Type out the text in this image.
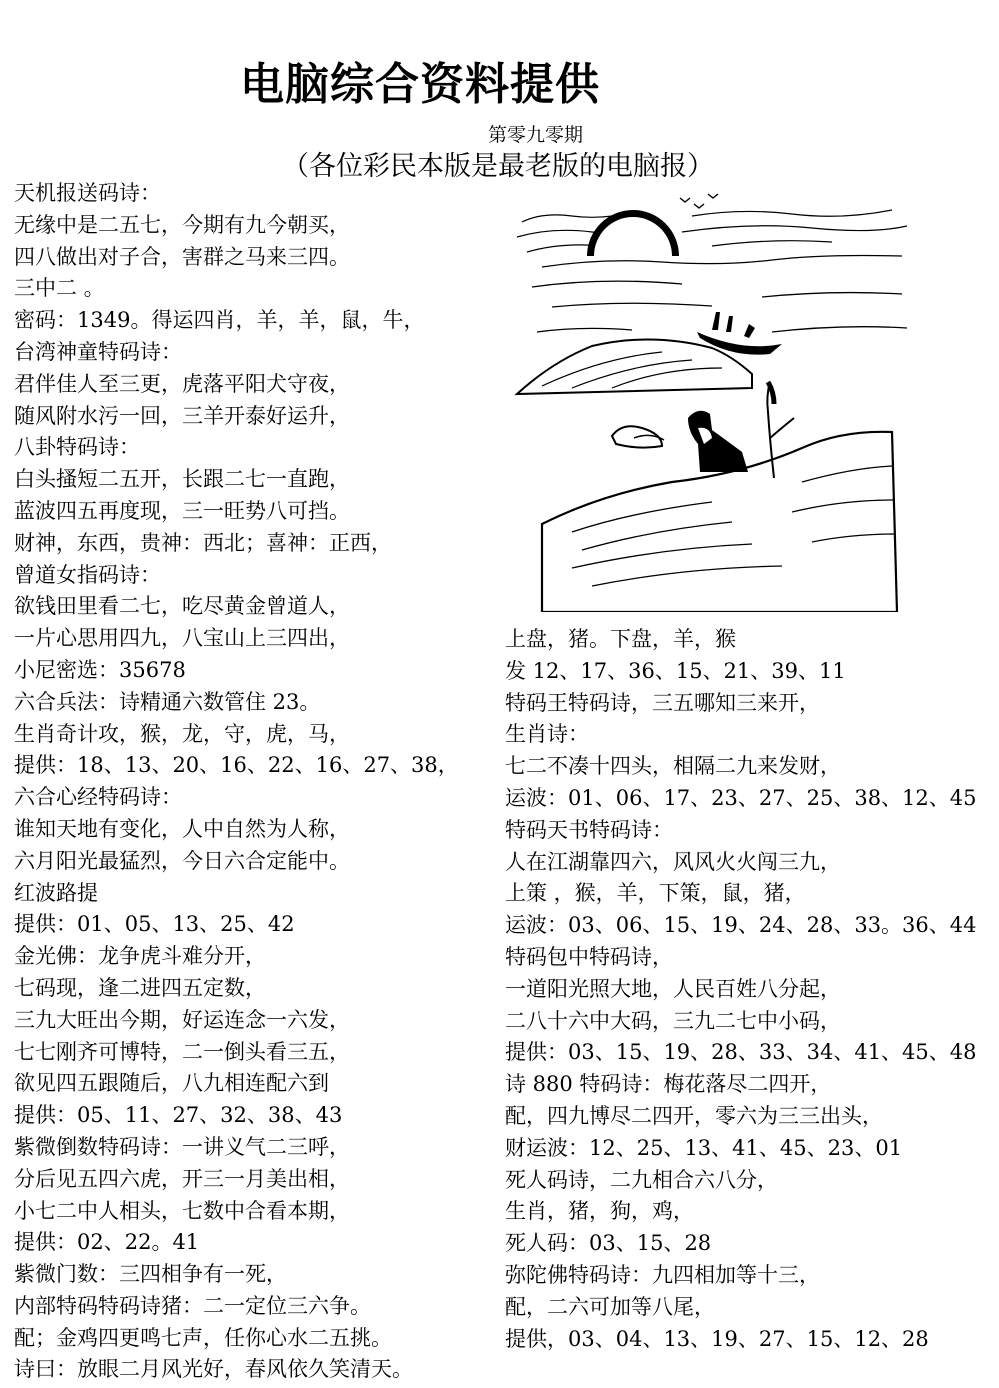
电脑综合资料提供
第零九零期
（各位彩民本版是最老版的电脑报）
天机报送码诗：
无缘中是二五七，今期有九今朝买，
四八做出对子合，害群之马来三四。
三中二 。
密码：1349。得运四肖，羊，羊，鼠，牛，
台湾神童特码诗：
君伴佳人至三更，虎落平阳犬守夜，
随风附水污一回，三羊开泰好运升，
八卦特码诗：
白头搔短二五开，长跟二七一直跑，
蓝波四五再度现，三一旺势八可挡。
财神，东西，贵神：西北；喜神：正西，
曾道女指码诗：
欲钱田里看二七，吃尽黄金曾道人，
一片心思用四九，八宝山上三四出，
小尼密选：35678
六合兵法：诗精通六数管住 23。
生肖奇计攻，猴，龙，守，虎，马，
提供：18、13、20、16、22、16、27、38，
六合心经特码诗：
谁知天地有变化，人中自然为人称，
六月阳光最猛烈，今日六合定能中。
红波路提
提供：01、05、13、25、42
金光佛：龙争虎斗难分开，
七码现，逢二进四五定数，
三九大旺出今期，好运连念一六发，
七七刚齐可博特，二一倒头看三五，
欲见四五跟随后，八九相连配六到
提供：05、11、27、32、38、43
紫微倒数特码诗：一讲义气二三呼，
分后见五四六虎，开三一月美出相，
小七二中人相头，七数中合看本期，
提供：02、22。41
紫微门数：三四相争有一死，
内部特码特码诗猪：二一定位三六争。
配；金鸡四更鸣七声，任你心水二五挑。
诗曰：放眼二月风光好，春风依久笑清天。
上盘，猪。下盘，羊，猴
发 12、17、36、15、21、39、11
特码王特码诗，三五哪知三来开，
生肖诗：
七二不凑十四头，相隔二九来发财，
运波：01、06、17、23、27、25、38、12、45
特码天书特码诗：
人在江湖靠四六，风风火火闯三九，
上策 ，猴，羊，下策，鼠，猪，
运波：03、06、15、19、24、28、33。36、44
特码包中特码诗，
一道阳光照大地，人民百姓八分起，
二八十六中大码，三九二七中小码，
提供：03、15、19、28、33、34、41、45、48
诗 880 特码诗：梅花落尽二四开，
配，四九博尽二四开，零六为三三出头，
财运波：12、25、13、41、45、23、01
死人码诗，二九相合六八分，
生肖，猪，狗，鸡，
死人码：03、15、28
弥陀佛特码诗：九四相加等十三，
配，二六可加等八尾，
提供，03、04、13、19、27、15、12、28
